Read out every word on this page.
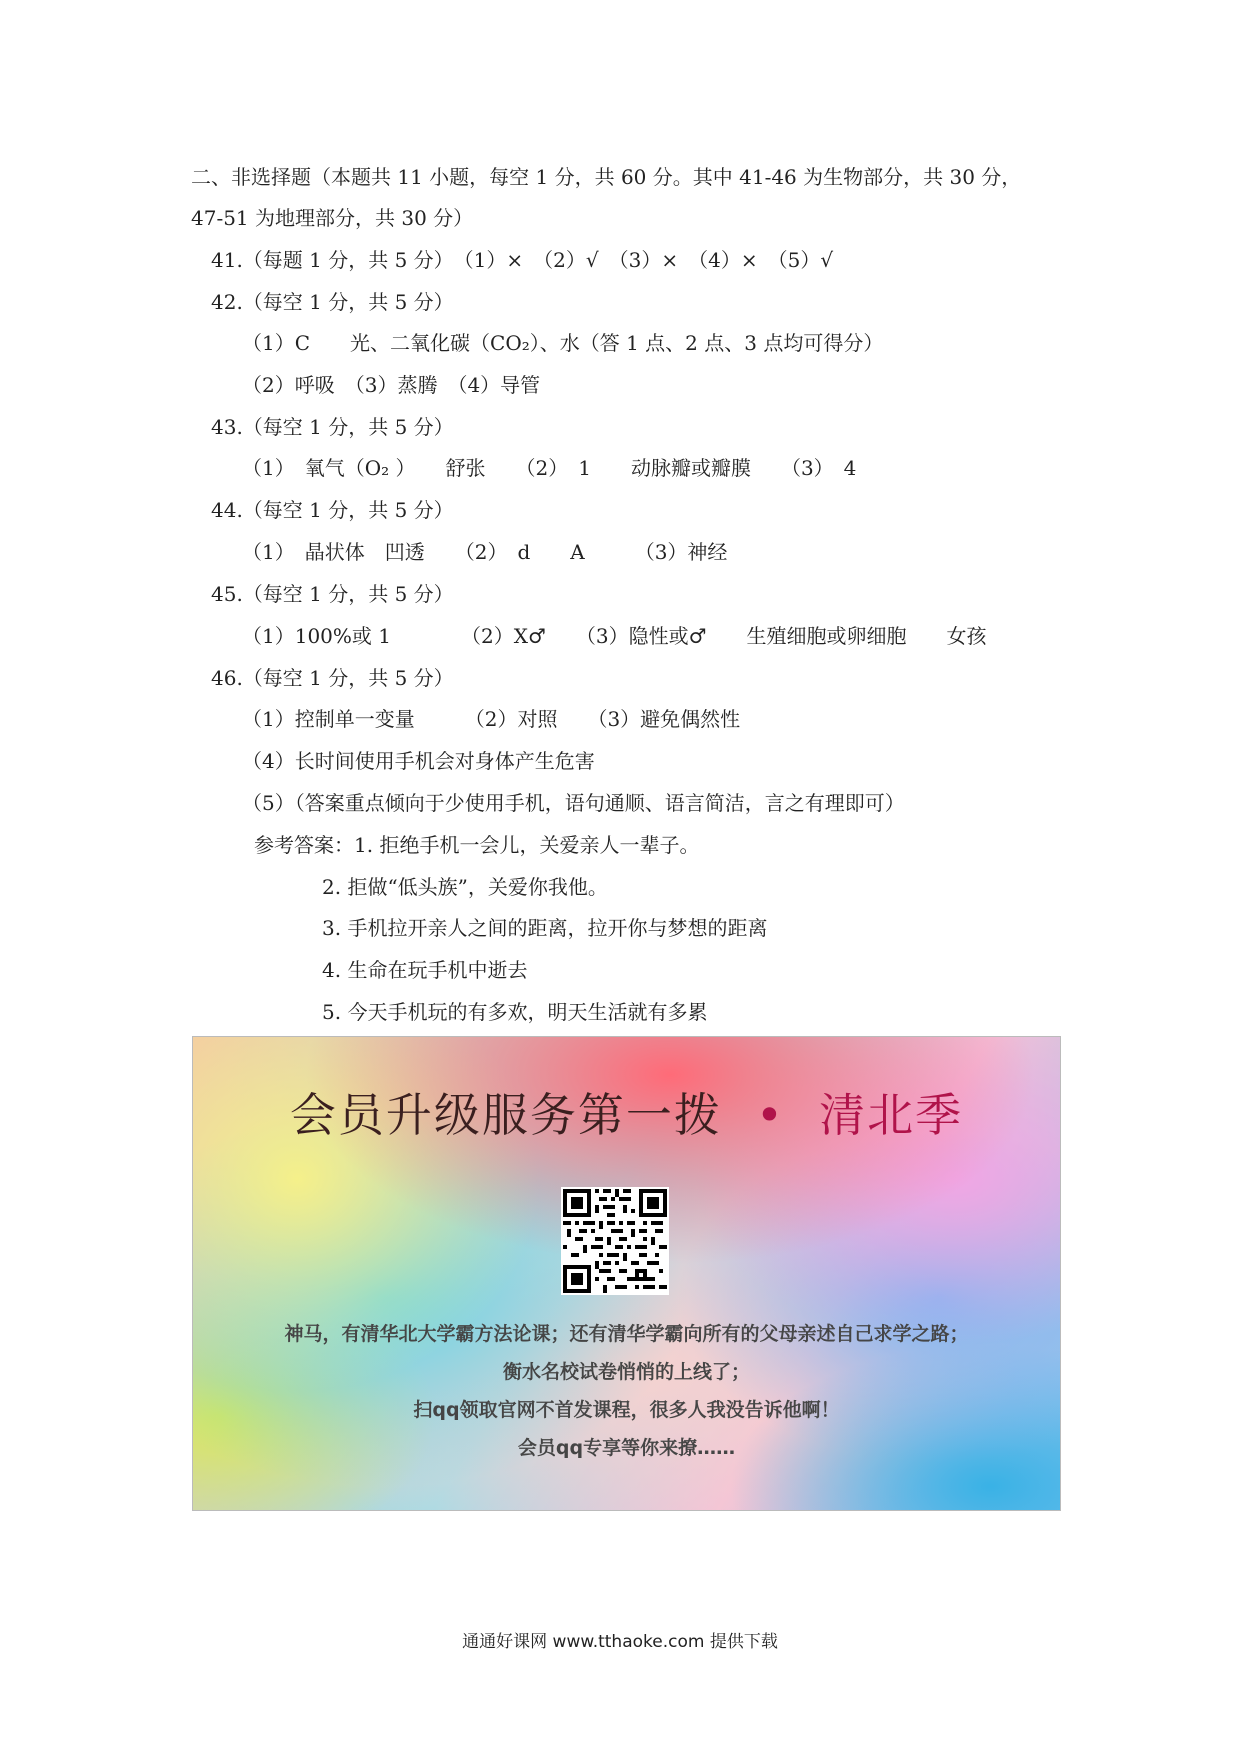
二、非选择题（本题共 11 小题，每空 1 分，共 60 分。其中 41-46 为生物部分，共 30 分，
47-51 为地理部分，共 30 分）
41.（每题 1 分，共 5 分）　（1）×　（2）√　（3）×　（4）×　（5）√
42.（每空 1 分，共 5 分）
（1）C　　光、二氧化碳（CO₂）、水（答 1 点、2 点、3 点均可得分）
（2）呼吸　（3）蒸腾　（4）导管
43.（每空 1 分，共 5 分）
（1）　氧气（O₂ ）　　舒张　　（2）　1　　动脉瓣或瓣膜　　（3）　4
44.（每空 1 分，共 5 分）
（1）　晶状体　凹透　　（2）　d　　A　　　（3）神经
45.（每空 1 分，共 5 分）
（1）100%或 1　　　　（2）X♂　　（3）隐性或♂　　生殖细胞或卵细胞　　女孩
46.（每空 1 分，共 5 分）
（1）控制单一变量　　　（2）对照　　（3）避免偶然性
（4）长时间使用手机会对身体产生危害
（5）（答案重点倾向于少使用手机，语句通顺、语言简洁，言之有理即可）
参考答案：1. 拒绝手机一会儿，关爱亲人一辈子。
2. 拒做“低头族”，关爱你我他。
3. 手机拉开亲人之间的距离，拉开你与梦想的距离
4. 生命在玩手机中逝去
5. 今天手机玩的有多欢，明天生活就有多累
会员升级服务第一拨 • 清北季
神马，有清华北大学霸方法论课；还有清华学霸向所有的父母亲述自己求学之路；
衡水名校试卷悄悄的上线了；
扫qq领取官网不首发课程，很多人我没告诉他啊！
会员qq专享等你来撩……
通通好课网 www.tthaoke.com 提供下载
